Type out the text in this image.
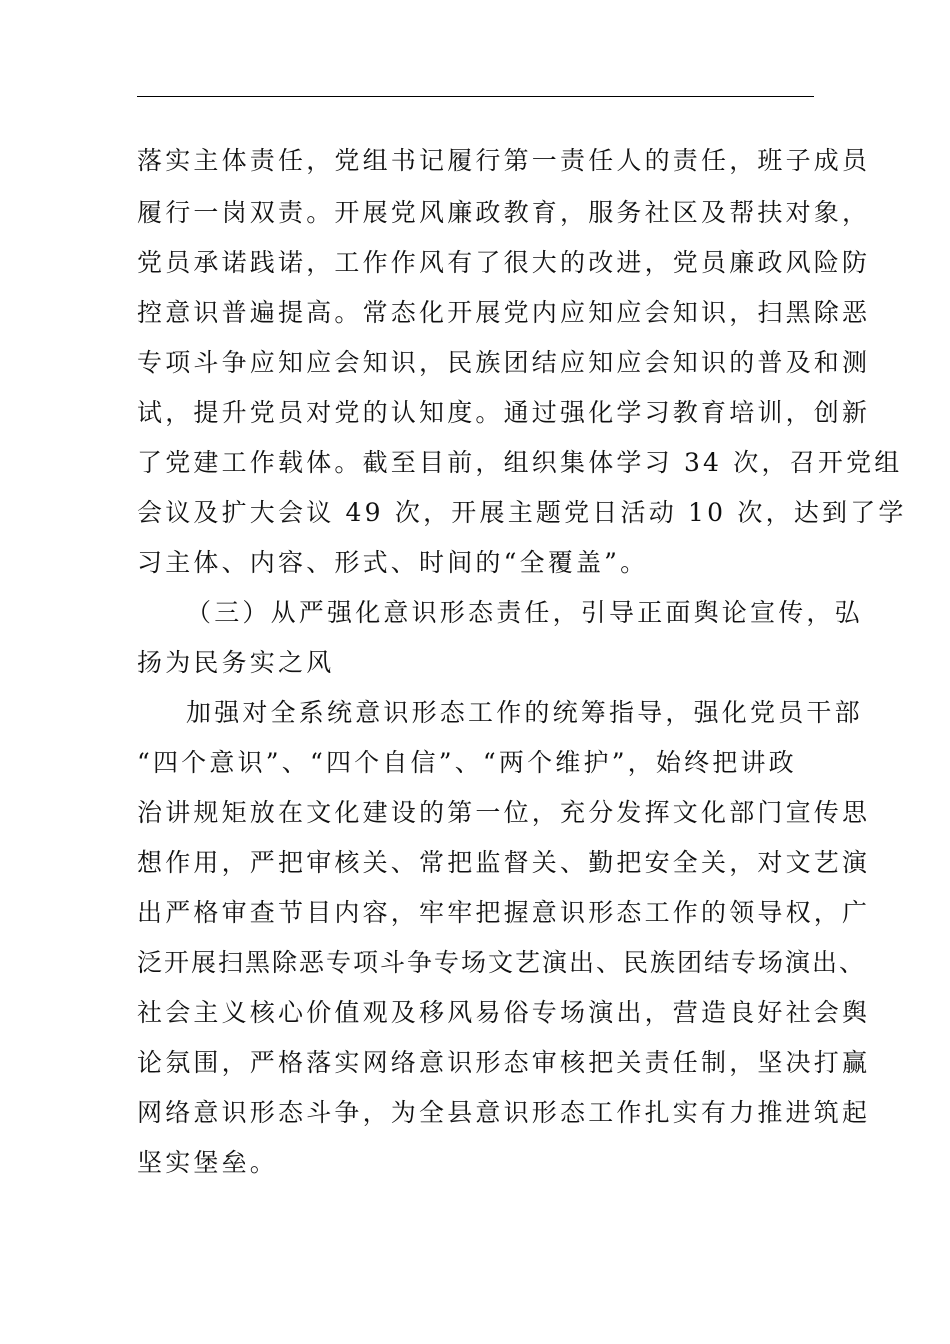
落实主体责任，党组书记履行第一责任人的责任，班子成员
履行一岗双责。开展党风廉政教育，服务社区及帮扶对象，
党员承诺践诺，工作作风有了很大的改进，党员廉政风险防
控意识普遍提高。常态化开展党内应知应会知识，扫黑除恶
专项斗争应知应会知识，民族团结应知应会知识的普及和测
试，提升党员对党的认知度。通过强化学习教育培训，创新
了党建工作载体。截至目前，组织集体学习 34 次，召开党组
会议及扩大会议 49 次，开展主题党日活动 10 次，达到了学
习主体、内容、形式、时间的“全覆盖”。
（三）从严强化意识形态责任，引导正面舆论宣传，弘
扬为民务实之风
加强对全系统意识形态工作的统筹指导，强化党员干部
“四个意识”、“四个自信”、“两个维护”，始终把讲政
治讲规矩放在文化建设的第一位，充分发挥文化部门宣传思
想作用，严把审核关、常把监督关、勤把安全关，对文艺演
出严格审查节目内容，牢牢把握意识形态工作的领导权，广
泛开展扫黑除恶专项斗争专场文艺演出、民族团结专场演出、
社会主义核心价值观及移风易俗专场演出，营造良好社会舆
论氛围，严格落实网络意识形态审核把关责任制，坚决打赢
网络意识形态斗争，为全县意识形态工作扎实有力推进筑起
坚实堡垒。
